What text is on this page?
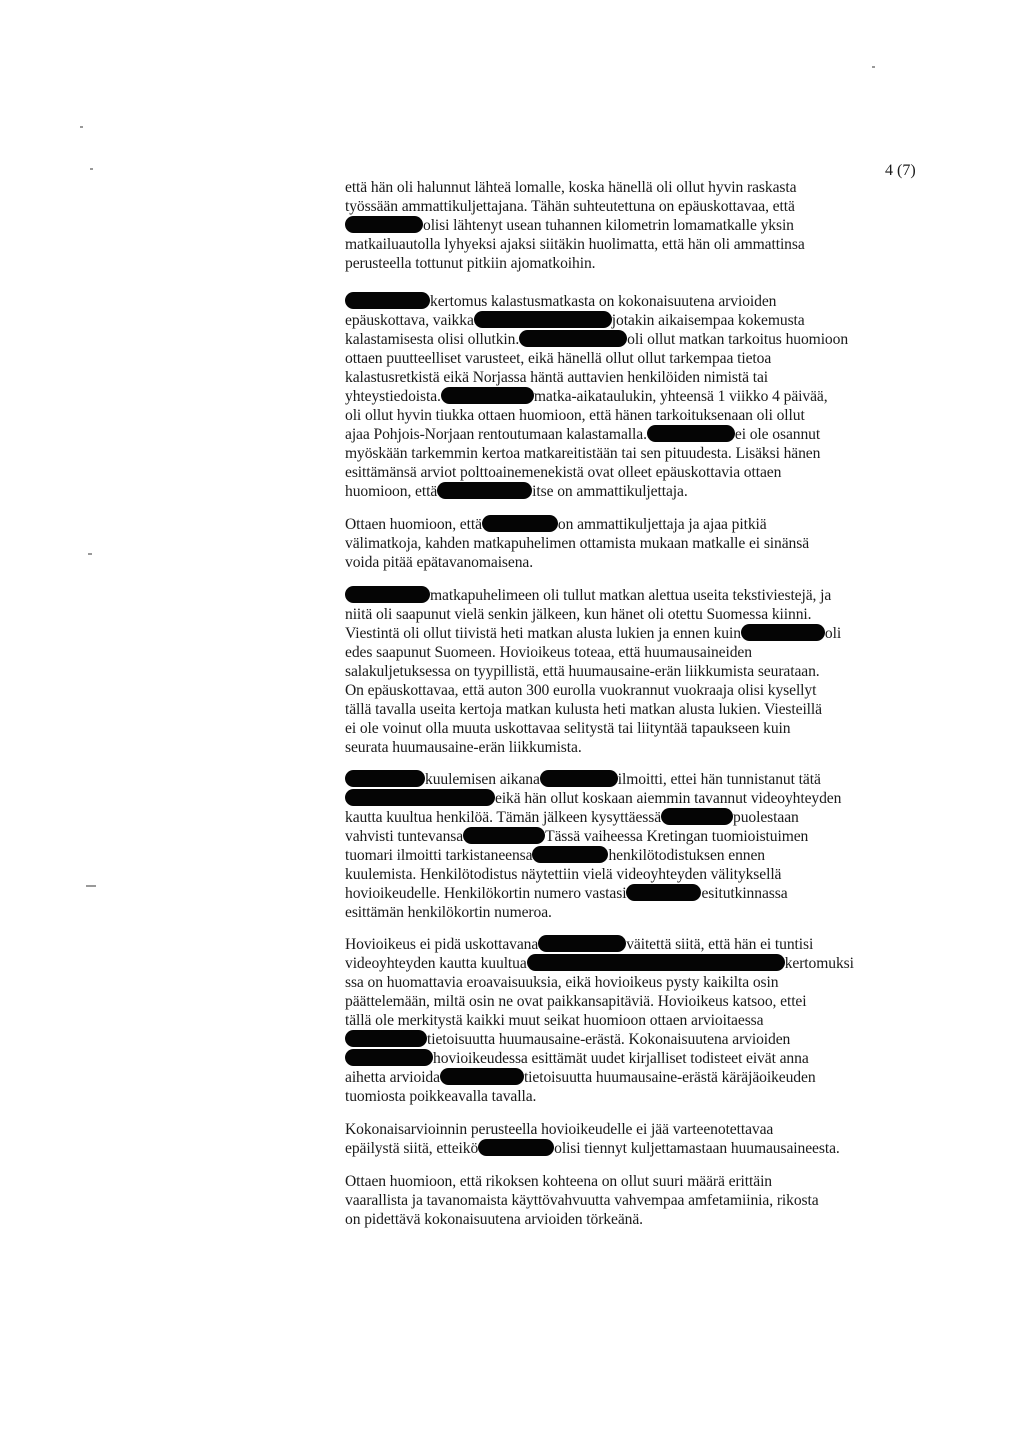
4 (7)

että hän oli halunnut lähteä lomalle, koska hänellä oli ollut hyvin raskasta
työssään ammattikuljettajana. Tähän suhteutettuna on epäuskottavaa, että
olisi lähtenyt usean tuhannen kilometrin lomamatkalle yksin
matkailuautolla lyhyeksi ajaksi siitäkin huolimatta, että hän oli ammattinsa
perusteella tottunut pitkiin ajomatkoihin.

kertomus kalastusmatkasta on kokonaisuutena arvioiden
epäuskottava, vaikka	jotakin aikaisempaa kokemusta
kalastamisesta olisi ollutkin.	oli ollut matkan tarkoitus huomioon
ottaen puutteelliset varusteet, eikä hänellä ollut ollut tarkempaa tietoa
kalastusretkistä eikä Norjassa häntä auttavien henkilöiden nimistä tai
yhteystiedoista.	matka-aikataulukin, yhteensä 1 viikko 4 päivää,
oli ollut hyvin tiukka ottaen huomioon, että hänen tarkoituksenaan oli ollut
ajaa Pohjois-Norjaan rentoutumaan kalastamalla.	ei ole osannut
myöskään tarkemmin kertoa matkareitistään tai sen pituudesta. Lisäksi hänen
esittämänsä arviot polttoainemenekistä ovat olleet epäuskottavia ottaen
huomioon, että	itse on ammattikuljettaja.

Ottaen huomioon, että	on ammattikuljettaja ja ajaa pitkiä
välimatkoja, kahden matkapuhelimen ottamista mukaan matkalle ei sinänsä
voida pitää epätavanomaisena.

matkapuhelimeen oli tullut matkan alettua useita tekstiviestejä, ja
niitä oli saapunut vielä senkin jälkeen, kun hänet oli otettu Suomessa kiinni.
Viestintä oli ollut tiivistä heti matkan alusta lukien ja ennen kuin	oli
edes saapunut Suomeen. Hovioikeus toteaa, että huumausaineiden
salakuljetuksessa on tyypillistä, että huumausaine-erän liikkumista seurataan.
On epäuskottavaa, että auton 300 eurolla vuokrannut vuokraaja olisi kysellyt
tällä tavalla useita kertoja matkan kulusta heti matkan alusta lukien. Viesteillä
ei ole voinut olla muuta uskottavaa selitystä tai liityntää tapaukseen kuin
seurata huumausaine-erän liikkumista.

kuulemisen aikana	ilmoitti, ettei hän tunnistanut tätä
eikä hän ollut koskaan aiemmin tavannut videoyhteyden
kautta kuultua henkilöä. Tämän jälkeen kysyttäessä	puolestaan
vahvisti tuntevansa	Tässä vaiheessa Kretingan tuomioistuimen
tuomari ilmoitti tarkistaneensa	henkilötodistuksen ennen
kuulemista. Henkilötodistus näytettiin vielä videoyhteyden välityksellä
hovioikeudelle. Henkilökortin numero vastasi	esitutkinnassa
esittämän henkilökortin numeroa.

Hovioikeus ei pidä uskottavana	väitettä siitä, että hän ei tuntisi
videoyhteyden kautta kuultua	kertomuksi
ssa on huomattavia eroavaisuuksia, eikä hovioikeus pysty kaikilta osin
päättelemään, miltä osin ne ovat paikkansapitäviä. Hovioikeus katsoo, ettei
tällä ole merkitystä kaikki muut seikat huomioon ottaen arvioitaessa
tietoisuutta huumausaine-erästä. Kokonaisuutena arvioiden
hovioikeudessa esittämät uudet kirjalliset todisteet eivät anna
aihetta arvioida	tietoisuutta huumausaine-erästä käräjäoikeuden
tuomiosta poikkeavalla tavalla.

Kokonaisarvioinnin perusteella hovioikeudelle ei jää varteenotettavaa
epäilystä siitä, etteikö	olisi tiennyt kuljettamastaan huumausaineesta.

Ottaen huomioon, että rikoksen kohteena on ollut suuri määrä erittäin
vaarallista ja tavanomaista käyttövahvuutta vahvempaa amfetamiinia, rikosta
on pidettävä kokonaisuutena arvioiden törkeänä.
